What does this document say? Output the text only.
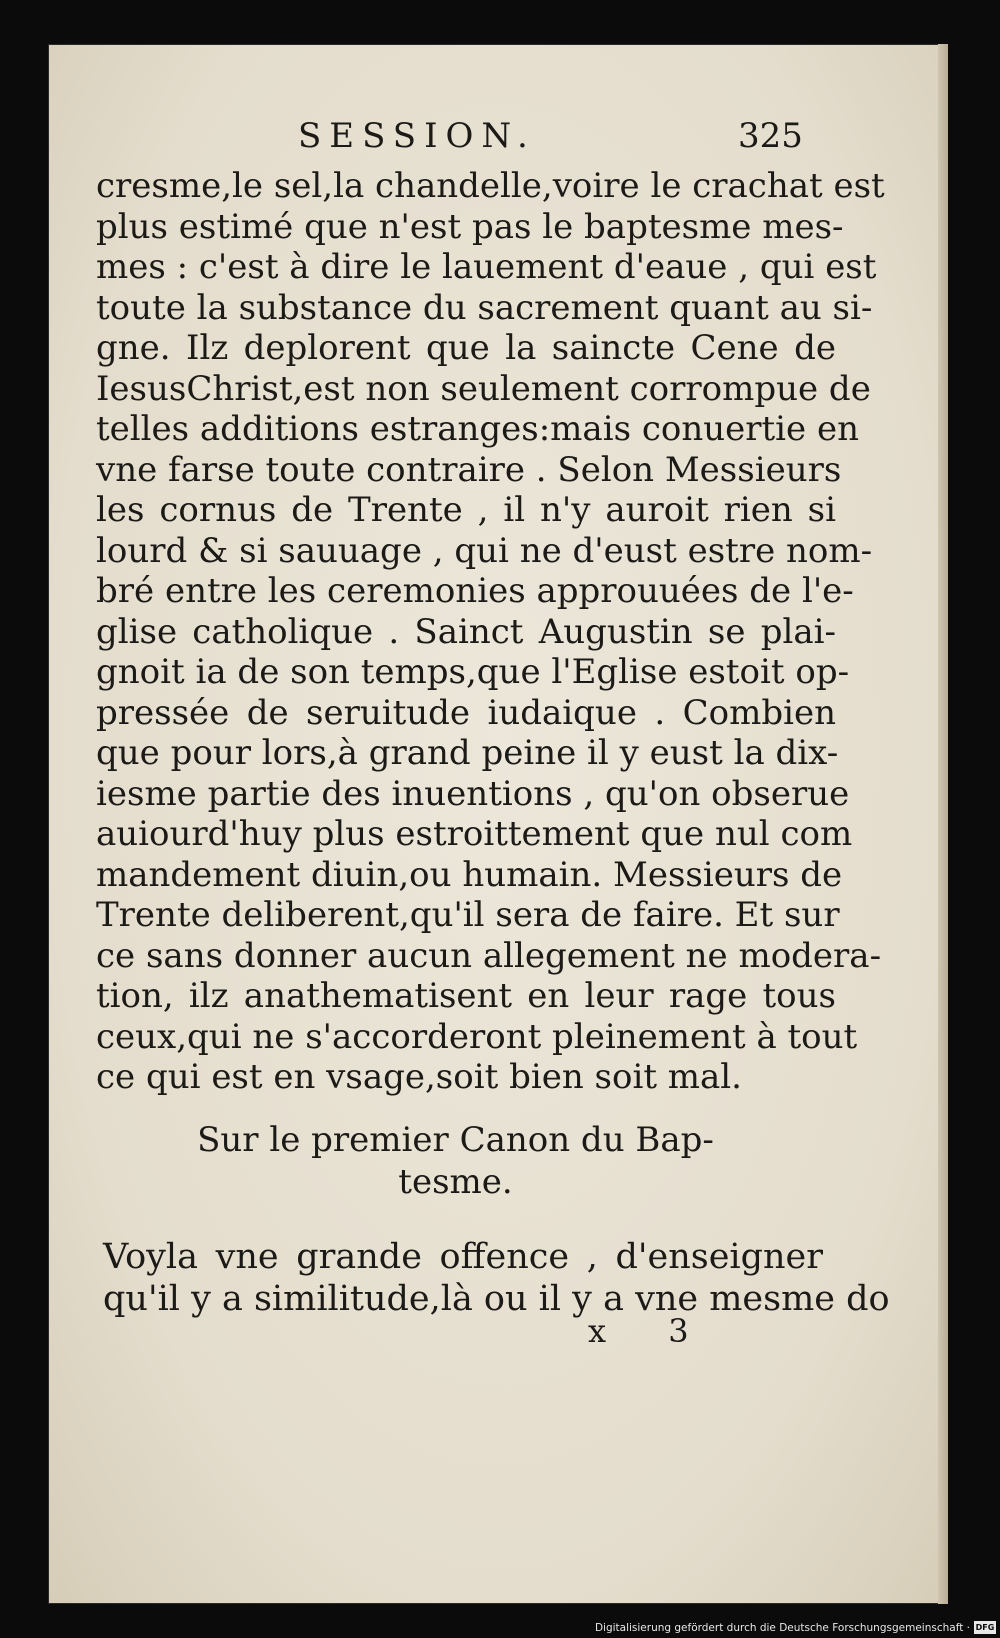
SESSION.	325
cresme,le sel,la chandelle,voire le crachat est
plus estimé que n'est pas le baptesme mes-
mes : c'est à dire le lauement d'eaue , qui est
toute la substance du sacrement quant au si-
gne. Ilz deplorent que la saincte Cene de
IesusChrist,est non seulement corrompue de
telles additions estranges:mais conuertie en
vne farse toute contraire . Selon Messieurs
les cornus de Trente , il n'y auroit rien si
lourd & si sauuage , qui ne d'eust estre nom-
bré entre les ceremonies approuuées de l'e-
glise catholique . Sainct Augustin se plai-
gnoit ia de son temps,que l'Eglise estoit op-
pressée de seruitude iudaique . Combien
que pour lors,à grand peine il y eust la dix-
iesme partie des inuentions , qu'on obserue
auiourd'huy plus estroittement que nul com
mandement diuin,ou humain. Messieurs de
Trente deliberent,qu'il sera de faire. Et sur
ce sans donner aucun allegement ne modera-
tion, ilz anathematisent en leur rage tous
ceux,qui ne s'accorderont pleinement à tout
ce qui est en vsage,soit bien soit mal.
Sur le premier Canon du Bap-
tesme.
Voyla vne grande offence , d'enseigner
qu'il y a similitude,là ou il y a vne mesme do
x 3
Digitalisierung gefördert durch die Deutsche Forschungsgemeinschaft · DFG
